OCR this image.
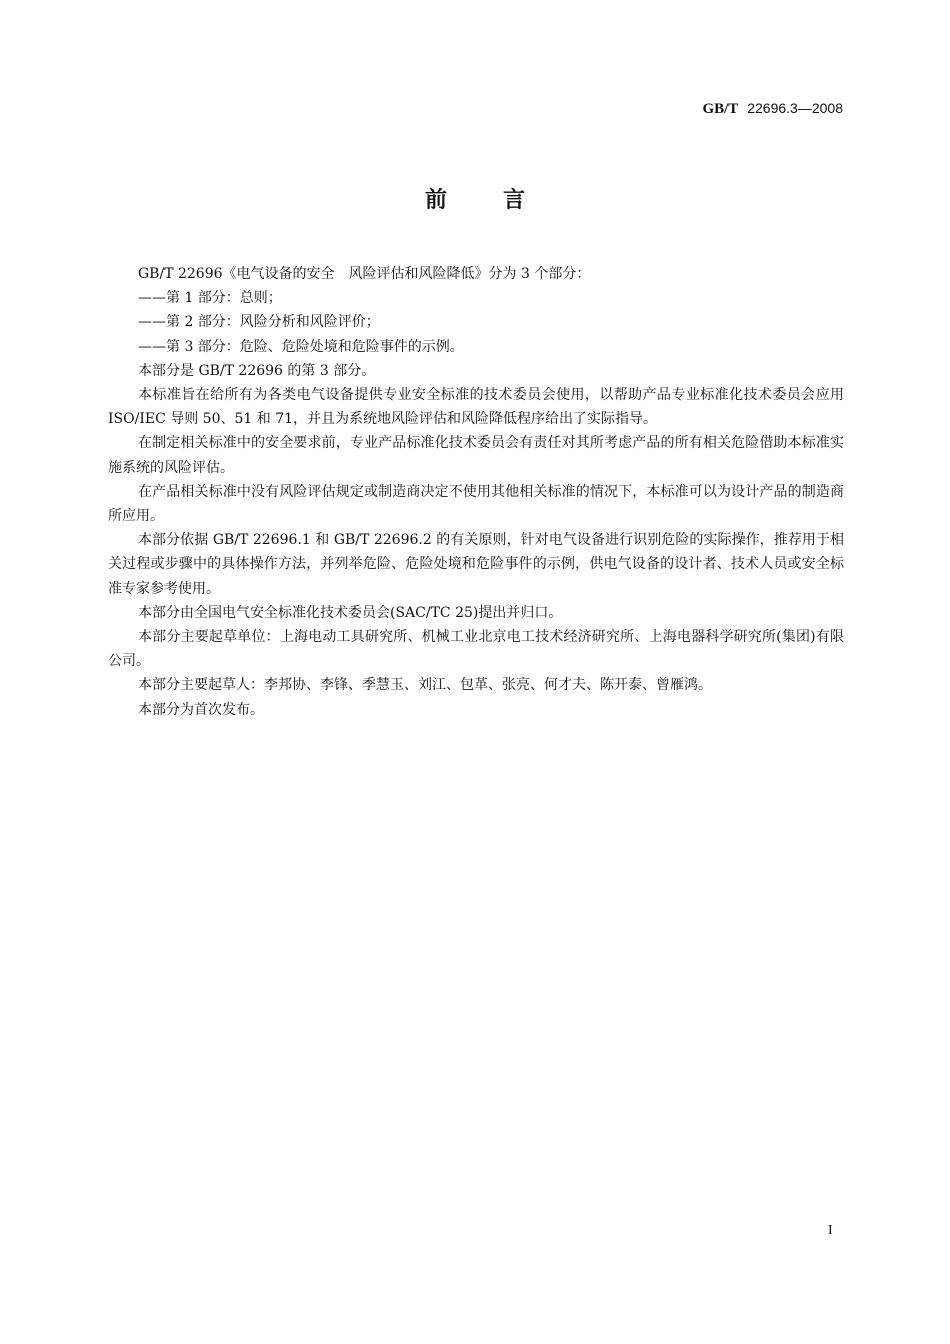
GB/T 22696.3—2008
前言

GB/T 22696《电气设备的安全　风险评估和风险降低》分为 3 个部分：

——第 1 部分：总则；

——第 2 部分：风险分析和风险评价；

——第 3 部分：危险、危险处境和危险事件的示例。

本部分是 GB/T 22696 的第 3 部分。

本标准旨在给所有为各类电气设备提供专业安全标准的技术委员会使用，以帮助产品专业标准化技术委员会应用 ISO/IEC 导则 50、51 和 71，并且为系统地风险评估和风险降低程序给出了实际指导。

在制定相关标准中的安全要求前，专业产品标准化技术委员会有责任对其所考虑产品的所有相关危险借助本标准实施系统的风险评估。

在产品相关标准中没有风险评估规定或制造商决定不使用其他相关标准的情况下，本标准可以为设计产品的制造商所应用。

本部分依据 GB/T 22696.1 和 GB/T 22696.2 的有关原则，针对电气设备进行识别危险的实际操作，推荐用于相关过程或步骤中的具体操作方法，并列举危险、危险处境和危险事件的示例，供电气设备的设计者、技术人员或安全标准专家参考使用。

本部分由全国电气安全标准化技术委员会(SAC/TC 25)提出并归口。

本部分主要起草单位：上海电动工具研究所、机械工业北京电工技术经济研究所、上海电器科学研究所(集团)有限公司。

本部分主要起草人：李邦协、李锋、季慧玉、刘江、包革、张亮、何才夫、陈开泰、曾雁鸿。

本部分为首次发布。

I
